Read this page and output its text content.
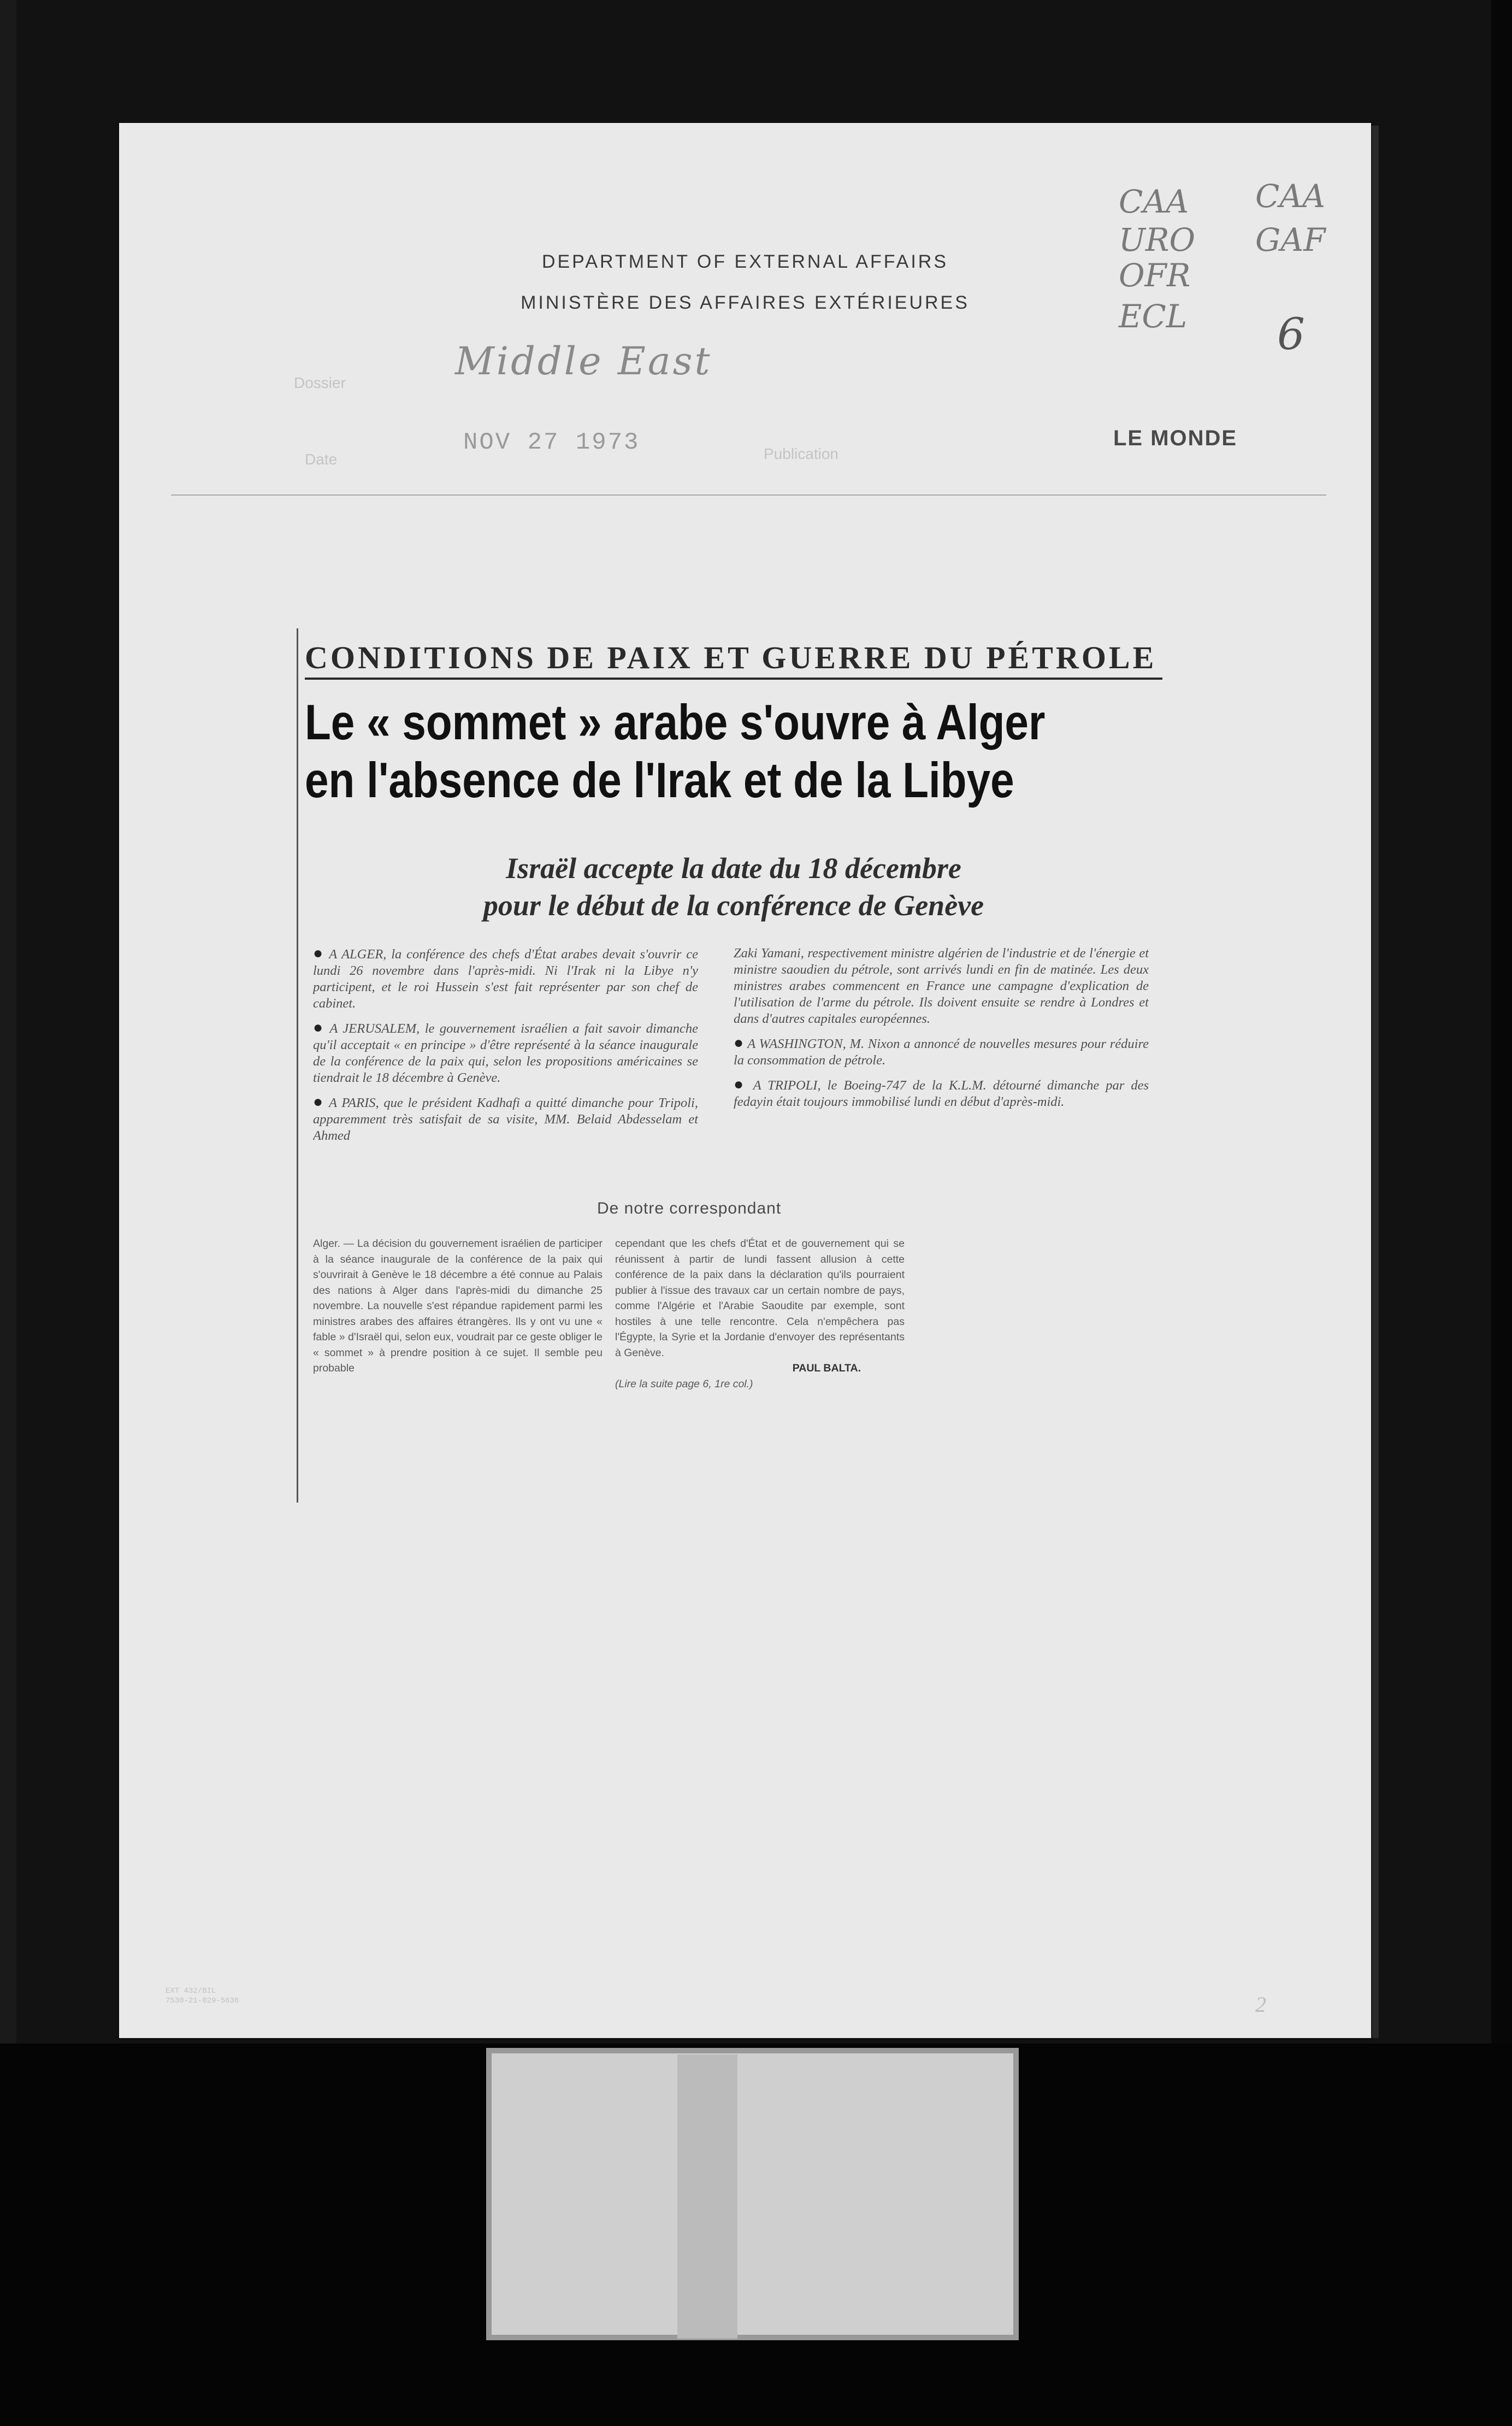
DEPARTMENT OF EXTERNAL AFFAIRS
MINISTÈRE DES AFFAIRES EXTÉRIEURES
CAA CAA
URO GAF
OFR
ECL 6
Middle East
Dossier
Date	Publication
NOV 27 1973	LE MONDE
CONDITIONS DE PAIX ET GUERRE DU PÉTROLE
Le « sommet » arabe s'ouvre à Alger
en l'absence de l'Irak et de la Libye
Israël accepte la date du 18 décembre
pour le début de la conférence de Genève

● A ALGER, la conférence des chefs d'État arabes devait s'ouvrir ce lundi 26 novembre dans l'après-midi. Ni l'Irak ni la Libye n'y participent, et le roi Hussein s'est fait représenter par son chef de cabinet.

● A JERUSALEM, le gouvernement israélien a fait savoir dimanche qu'il acceptait « en principe » d'être représenté à la séance inaugurale de la conférence de la paix qui, selon les propositions américaines se tiendrait le 18 décembre à Genève.

● A PARIS, que le président Kadhafi a quitté dimanche pour Tripoli, apparemment très satisfait de sa visite, MM. Belaid Abdesselam et Ahmed

Zaki Yamani, respectivement ministre algérien de l'industrie et de l'énergie et ministre saoudien du pétrole, sont arrivés lundi en fin de matinée. Les deux ministres arabes commencent en France une campagne d'explication de l'utilisation de l'arme du pétrole. Ils doivent ensuite se rendre à Londres et dans d'autres capitales européennes.

● A WASHINGTON, M. Nixon a annoncé de nouvelles mesures pour réduire la consommation de pétrole.

● A TRIPOLI, le Boeing-747 de la K.L.M. détourné dimanche par des fedayin était toujours immobilisé lundi en début d'après-midi.

De notre correspondant
Alger. — La décision du gouvernement israélien de participer à la séance inaugurale de la conférence de la paix qui s'ouvrirait à Genève le 18 décembre a été connue au Palais des nations à Alger dans l'après-midi du dimanche 25 novembre. La nouvelle s'est répandue rapidement parmi les ministres arabes des affaires étrangères. Ils y ont vu une « fable » d'Israël qui, selon eux, voudrait par ce geste obliger le « sommet » à prendre position à ce sujet. Il semble peu probable
cependant que les chefs d'État et de gouvernement qui se réunissent à partir de lundi fassent allusion à cette conférence de la paix dans la déclaration qu'ils pourraient publier à l'issue des travaux car un certain nombre de pays, comme l'Algérie et l'Arabie Saoudite par exemple, sont hostiles à une telle rencontre. Cela n'empêchera pas l'Égypte, la Syrie et la Jordanie d'envoyer des représentants à Genève.
PAUL BALTA.
(Lire la suite page 6, 1re col.)
EXT 432/BIL
7530-21-029-5636	2
